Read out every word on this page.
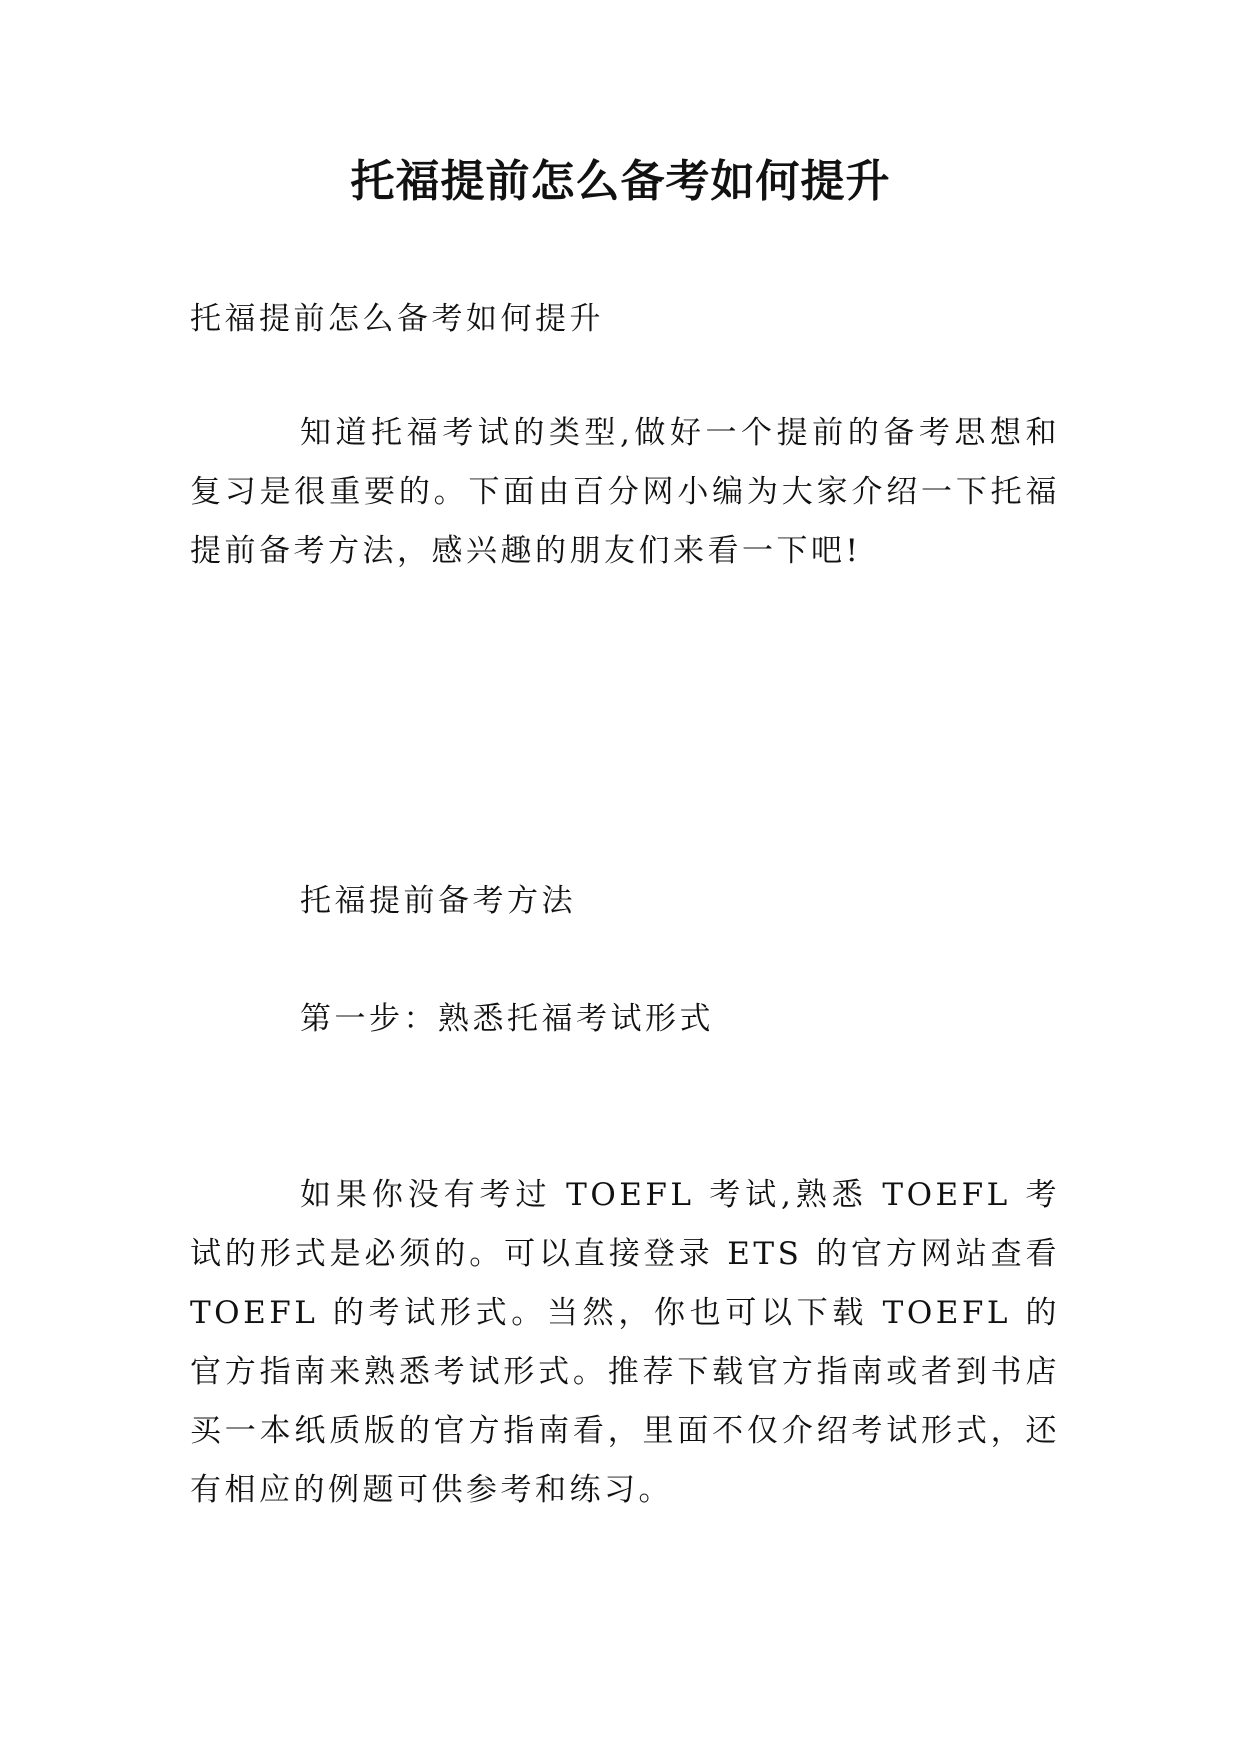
托福提前怎么备考如何提升

托福提前怎么备考如何提升

知道托福考试的类型,做好一个提前的备考思想和复习是很重要的。下面由百分网小编为大家介绍一下托福提前备考方法，感兴趣的朋友们来看一下吧!

托福提前备考方法

第一步：熟悉托福考试形式

如果你没有考过 TOEFL 考试,熟悉 TOEFL 考试的形式是必须的。可以直接登录 ETS 的官方网站查看 TOEFL 的考试形式。当然，你也可以下载 TOEFL 的官方指南来熟悉考试形式。推荐下载官方指南或者到书店买一本纸质版的官方指南看，里面不仅介绍考试形式，还有相应的例题可供参考和练习。
